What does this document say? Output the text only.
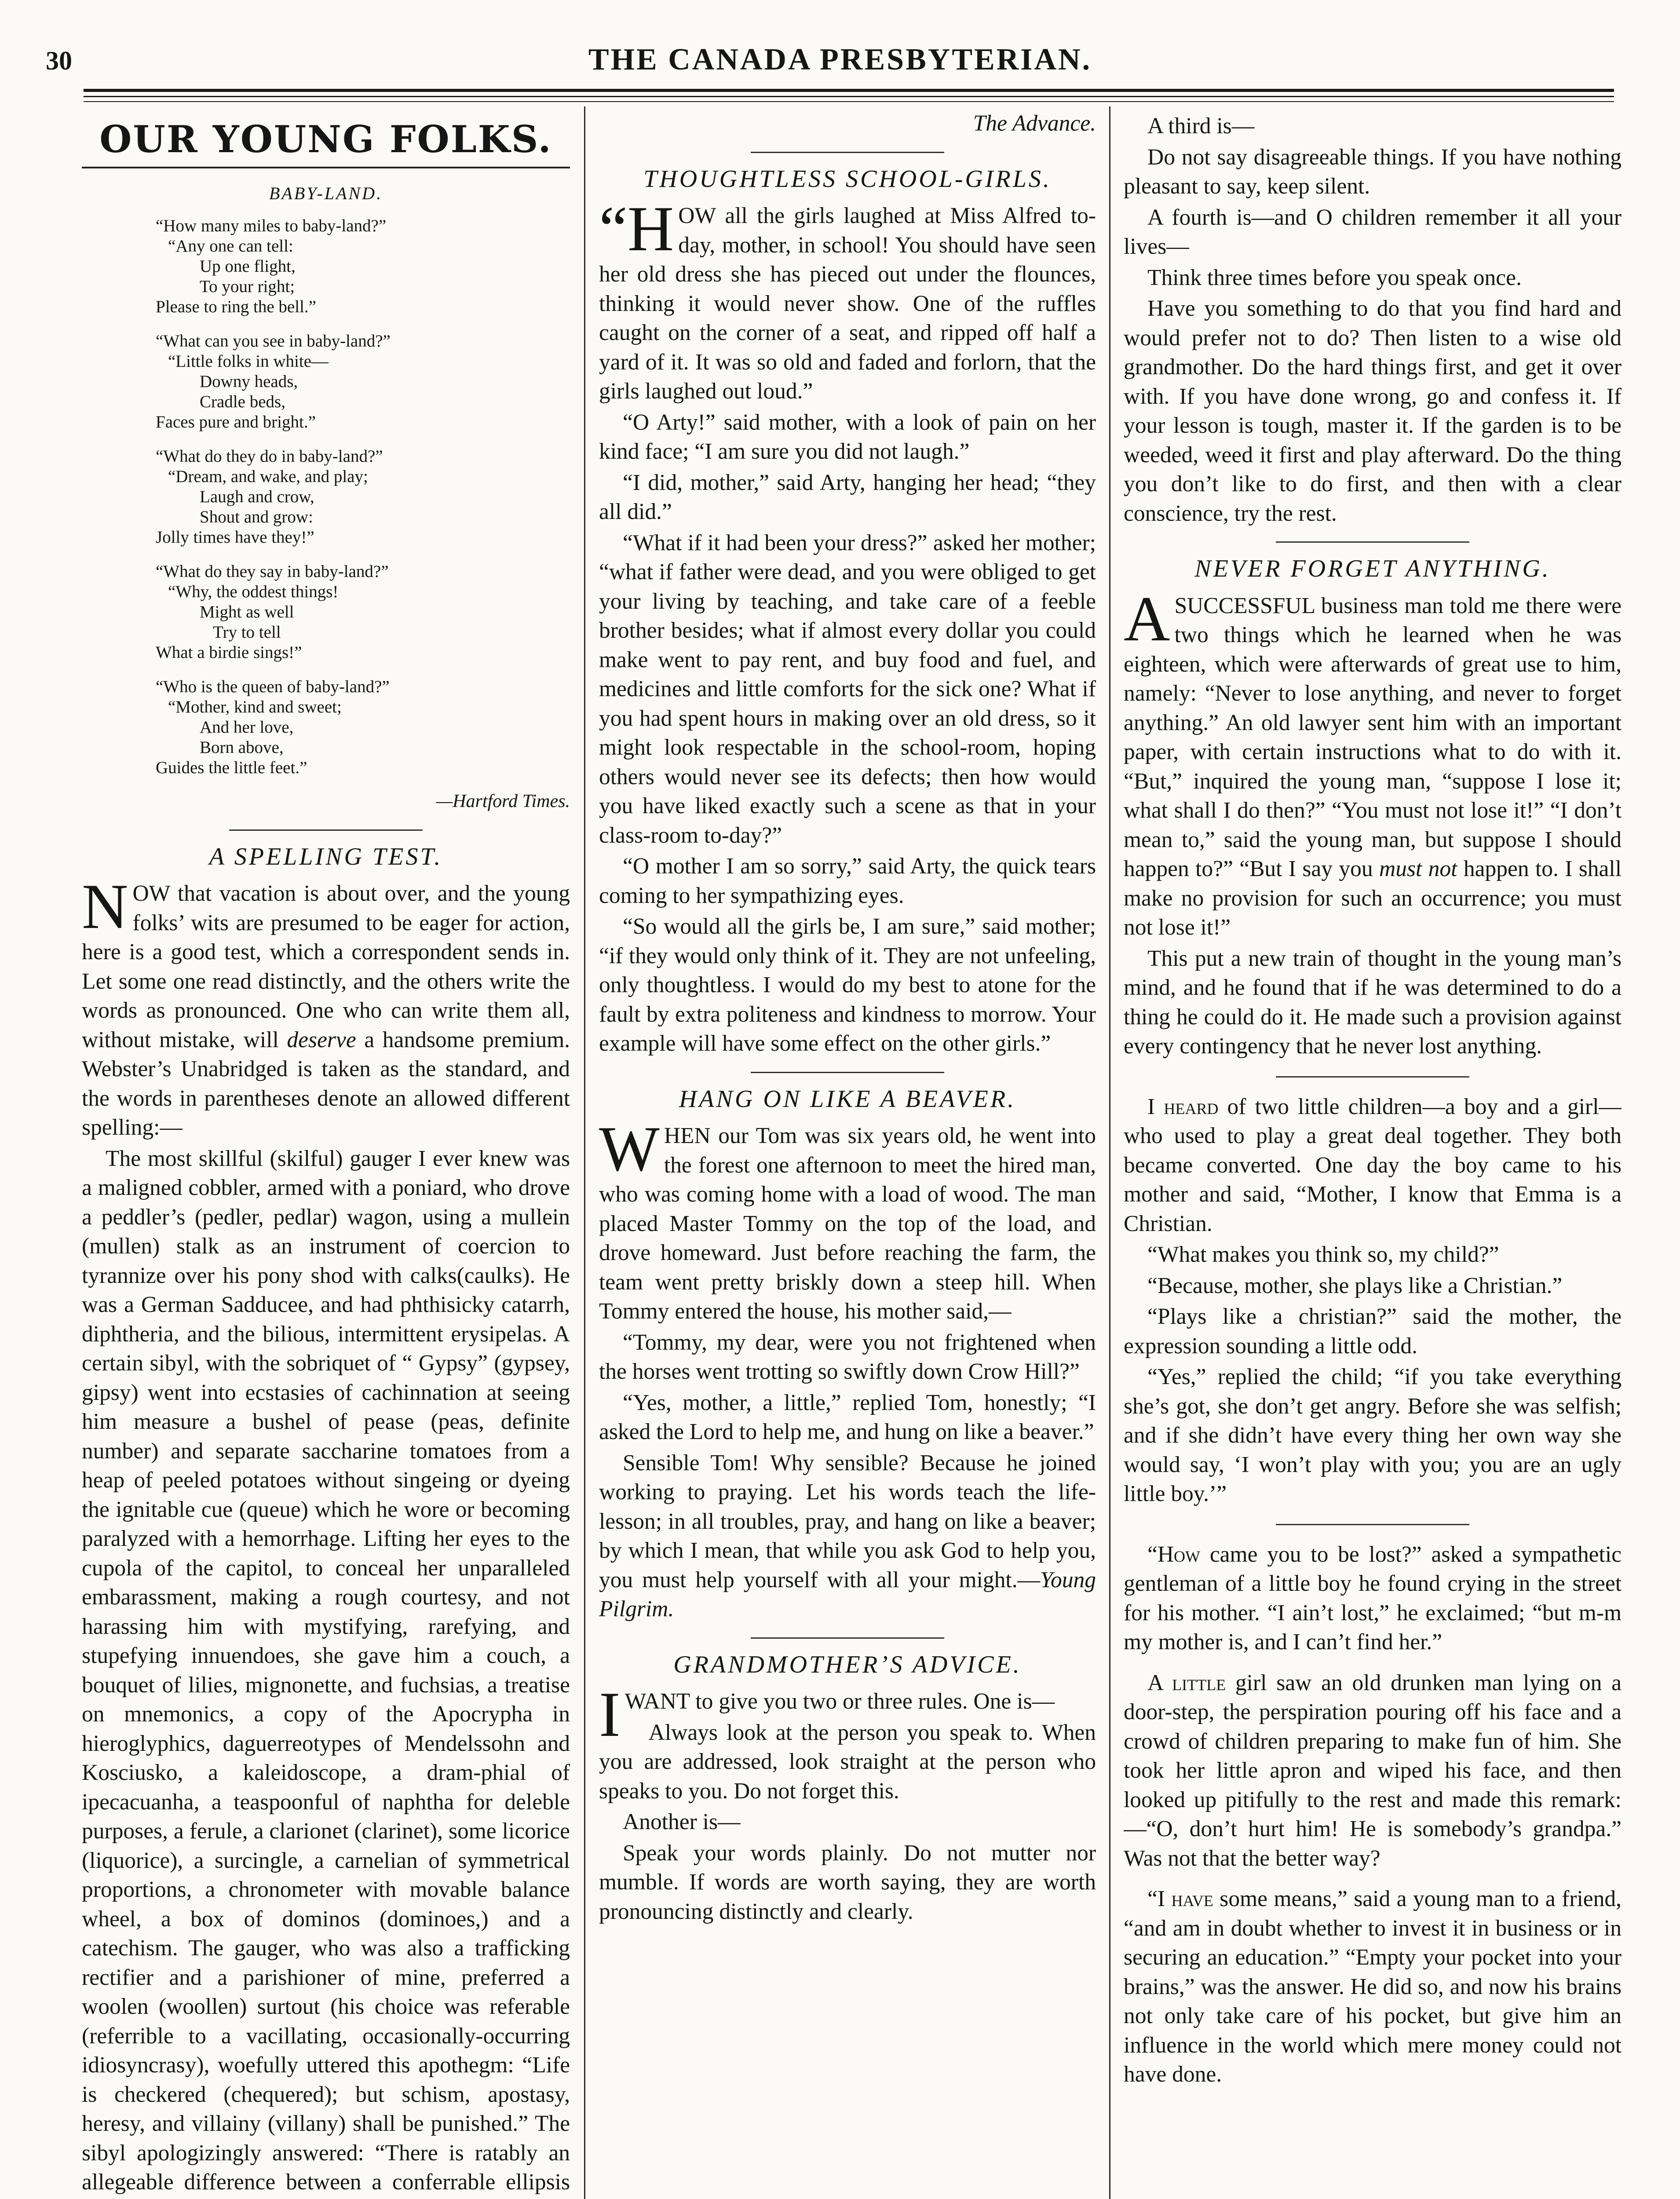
30	THE CANADA PRESBYTERIAN.
OUR YOUNG FOLKS.
BABY-LAND.
“How many miles to baby-land?”
“Any one can tell:
Up one flight,
To your right;
Please to ring the bell.”
“What can you see in baby-land?”
“Little folks in white—
Downy heads,
Cradle beds,
Faces pure and bright.”
“What do they do in baby-land?”
“Dream, and wake, and play;
Laugh and crow,
Shout and grow:
Jolly times have they!”
“What do they say in baby-land?”
“Why, the oddest things!
Might as well
Try to tell
What a birdie sings!”
“Who is the queen of baby-land?”
“Mother, kind and sweet;
And her love,
Born above,
Guides the little feet.”
—Hartford Times.
A SPELLING TEST.

NOW that vacation is about over, and the young folks’ wits are presumed to be eager for action, here is a good test, which a correspondent sends in. Let some one read distinctly, and the others write the words as pronounced. One who can write them all, without mistake, will deserve a handsome premium. Webster’s Unabridged is taken as the standard, and the words in parentheses denote an allowed different spelling:—

The most skillful (skilful) gauger I ever knew was a maligned cobbler, armed with a poniard, who drove a peddler’s (pedler, pedlar) wagon, using a mullein (mullen) stalk as an instrument of coercion to tyrannize over his pony shod with calks(caulks). He was a German Sadducee, and had phthisicky catarrh, diphtheria, and the bilious, intermittent erysipelas. A certain sibyl, with the sobriquet of “ Gypsy” (gypsey, gipsy) went into ecstasies of cachinnation at seeing him measure a bushel of pease (peas, definite number) and separate saccharine tomatoes from a heap of peeled potatoes without singeing or dyeing the ignitable cue (queue) which he wore or becoming paralyzed with a hemorrhage. Lifting her eyes to the cupola of the capitol, to conceal her unparalleled embarassment, making a rough courtesy, and not harassing him with mystifying, rarefying, and stupefying innuendoes, she gave him a couch, a bouquet of lilies, mignonette, and fuchsias, a treatise on mnemonics, a copy of the Apocrypha in hieroglyphics, daguerreotypes of Mendelssohn and Kosciusko, a kaleidoscope, a dram-phial of ipecacuanha, a teaspoonful of naphtha for deleble purposes, a ferule, a clarionet (clarinet), some licorice (liquorice), a surcingle, a carnelian of symmetrical proportions, a chronometer with movable balance wheel, a box of dominos (dominoes,) and a catechism. The gauger, who was also a trafficking rectifier and a parishioner of mine, preferred a woolen (woollen) surtout (his choice was referable (referrible to a vacillating, occasionally-occurring idiosyncrasy), woefully uttered this apothegm: “Life is checkered (chequered); but schism, apostasy, heresy, and villainy (villany) shall be punished.” The sibyl apologizingly answered: “There is ratably an allegeable difference between a conferrable ellipsis

The Advance.

THOUGHTLESS SCHOOL-GIRLS.

“H OW all the girls laughed at Miss Alfred to-day, mother, in school! You should have seen her old dress she has pieced out under the flounces, thinking it would never show. One of the ruffles caught on the corner of a seat, and ripped off half a yard of it. It was so old and faded and forlorn, that the girls laughed out loud.”

“O Arty!” said mother, with a look of pain on her kind face; “I am sure you did not laugh.”

“I did, mother,” said Arty, hanging her head; “they all did.”

“What if it had been your dress?” asked her mother; “what if father were dead, and you were obliged to get your living by teaching, and take care of a feeble brother besides; what if almost every dollar you could make went to pay rent, and buy food and fuel, and medicines and little comforts for the sick one? What if you had spent hours in making over an old dress, so it might look respectable in the school-room, hoping others would never see its defects; then how would you have liked exactly such a scene as that in your class-room to-day?”

“O mother I am so sorry,” said Arty, the quick tears coming to her sympathizing eyes.

“So would all the girls be, I am sure,” said mother; “if they would only think of it. They are not unfeeling, only thoughtless. I would do my best to atone for the fault by extra politeness and kindness to morrow. Your example will have some effect on the other girls.”

HANG ON LIKE A BEAVER.

WHEN our Tom was six years old, he went into the forest one afternoon to meet the hired man, who was coming home with a load of wood. The man placed Master Tommy on the top of the load, and drove homeward. Just before reaching the farm, the team went pretty briskly down a steep hill. When Tommy entered the house, his mother said,—

“Tommy, my dear, were you not frightened when the horses went trotting so swiftly down Crow Hill?”

“Yes, mother, a little,” replied Tom, honestly; “I asked the Lord to help me, and hung on like a beaver.”

Sensible Tom! Why sensible? Because he joined working to praying. Let his words teach the life-lesson; in all troubles, pray, and hang on like a beaver; by which I mean, that while you ask God to help you, you must help yourself with all your might.—Young Pilgrim.

GRANDMOTHER’S ADVICE.

IWANT to give you two or three rules. One is—

Always look at the person you speak to. When you are addressed, look straight at the person who speaks to you. Do not forget this.

Another is—

Speak your words plainly. Do not mutter nor mumble. If words are worth saying, they are worth pronouncing distinctly and clearly.

A third is—

Do not say disagreeable things. If you have nothing pleasant to say, keep silent.

A fourth is—and O children remember it all your lives—

Think three times before you speak once.

Have you something to do that you find hard and would prefer not to do? Then listen to a wise old grandmother. Do the hard things first, and get it over with. If you have done wrong, go and confess it. If your lesson is tough, master it. If the garden is to be weeded, weed it first and play afterward. Do the thing you don’t like to do first, and then with a clear conscience, try the rest.

NEVER FORGET ANYTHING.

ASUCCESSFUL business man told me there were two things which he learned when he was eighteen, which were afterwards of great use to him, namely: “Never to lose anything, and never to forget anything.” An old lawyer sent him with an important paper, with certain instructions what to do with it. “But,” inquired the young man, “suppose I lose it; what shall I do then?” “You must not lose it!” “I don’t mean to,” said the young man, but suppose I should happen to?” “But I say you must not happen to. I shall make no provision for such an occurrence; you must not lose it!”

This put a new train of thought in the young man’s mind, and he found that if he was determined to do a thing he could do it. He made such a provision against every contingency that he never lost anything.

I heard of two little children—a boy and a girl—who used to play a great deal together. They both became converted. One day the boy came to his mother and said, “Mother, I know that Emma is a Christian.

“What makes you think so, my child?”

“Because, mother, she plays like a Christian.”

“Plays like a christian?” said the mother, the expression sounding a little odd.

“Yes,” replied the child; “if you take everything she’s got, she don’t get angry. Before she was selfish; and if she didn’t have every thing her own way she would say, ‘I won’t play with you; you are an ugly little boy.’”

“How came you to be lost?” asked a sympathetic gentleman of a little boy he found crying in the street for his mother. “I ain’t lost,” he exclaimed; “but m-m my mother is, and I can’t find her.”

A little girl saw an old drunken man lying on a door-step, the perspiration pouring off his face and a crowd of children preparing to make fun of him. She took her little apron and wiped his face, and then looked up pitifully to the rest and made this remark:—“O, don’t hurt him! He is somebody’s grandpa.” Was not that the better way?

“I have some means,” said a young man to a friend, “and am in doubt whether to invest it in business or in securing an education.” “Empty your pocket into your brains,” was the answer. He did so, and now his brains not only take care of his pocket, but give him an influence in the world which mere money could not have done.
